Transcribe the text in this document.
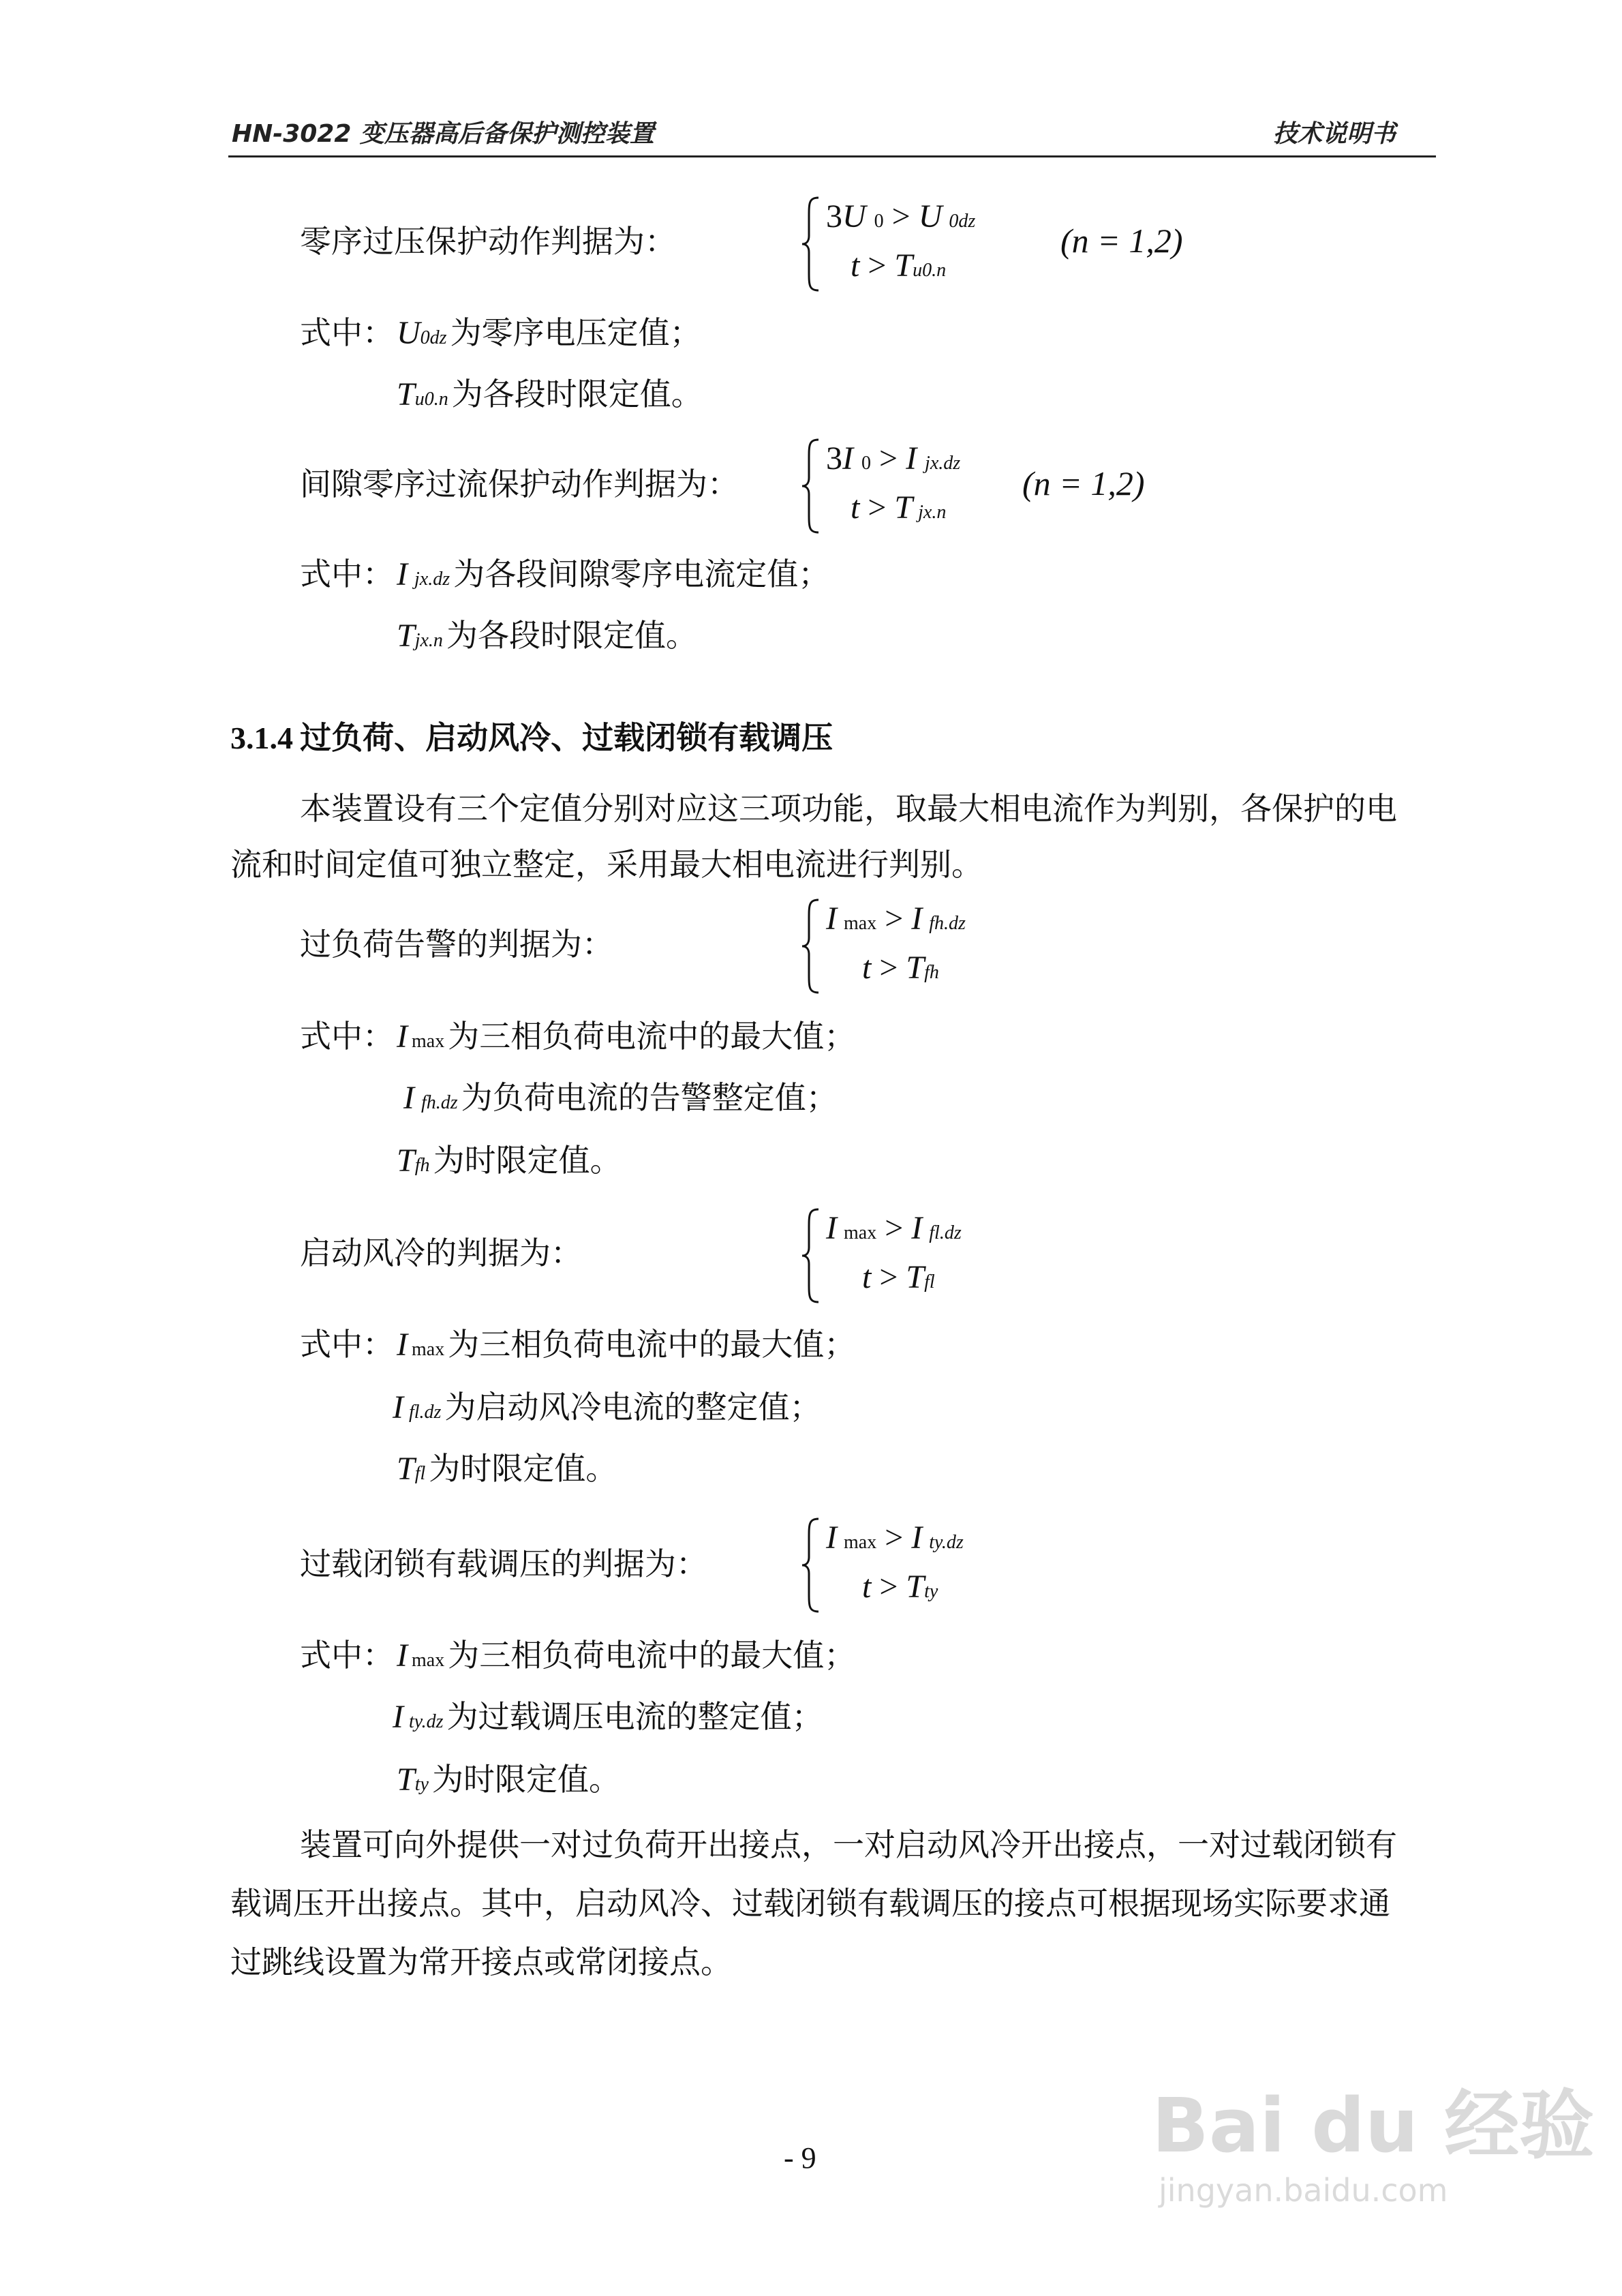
HN-3022 变压器高后备保护测控装置	技术说明书
零序过压保护动作判据为：
3U 0 > U 0dz
t > Tu0.n
(n = 1,2)
式中： U0dz 为零序电压定值；
Tu0.n 为各段时限定值。
间隙零序过流保护动作判据为：
3I 0 > I jx.dz
t > T jx.n
(n = 1,2)
式中： Ijx.dz 为各段间隙零序电流定值；
Tjx.n 为各段时限定值。
3.1.4 过负荷、启动风冷、过载闭锁有载调压
本装置设有三个定值分别对应这三项功能，取最大相电流作为判别，各保护的电
流和时间定值可独立整定，采用最大相电流进行判别。
过负荷告警的判据为：
Imax > I fh.dz
t > Tfh
式中： Imax 为三相负荷电流中的最大值；
Ifh.dz 为负荷电流的告警整定值；
Tfh 为时限定值。
启动风冷的判据为：
Imax > I fl.dz
t > Tfl
式中： Imax 为三相负荷电流中的最大值；
Ifl.dz 为启动风冷电流的整定值；
Tfl 为时限定值。
过载闭锁有载调压的判据为：
Imax > I ty.dz
t > Tty
式中： Imax 为三相负荷电流中的最大值；
Ity.dz 为过载调压电流的整定值；
Tty 为时限定值。
装置可向外提供一对过负荷开出接点，一对启动风冷开出接点，一对过载闭锁有
载调压开出接点。其中，启动风冷、过载闭锁有载调压的接点可根据现场实际要求通
过跳线设置为常开接点或常闭接点。
- 9	Bai du 经验
jingyan.baidu.com
